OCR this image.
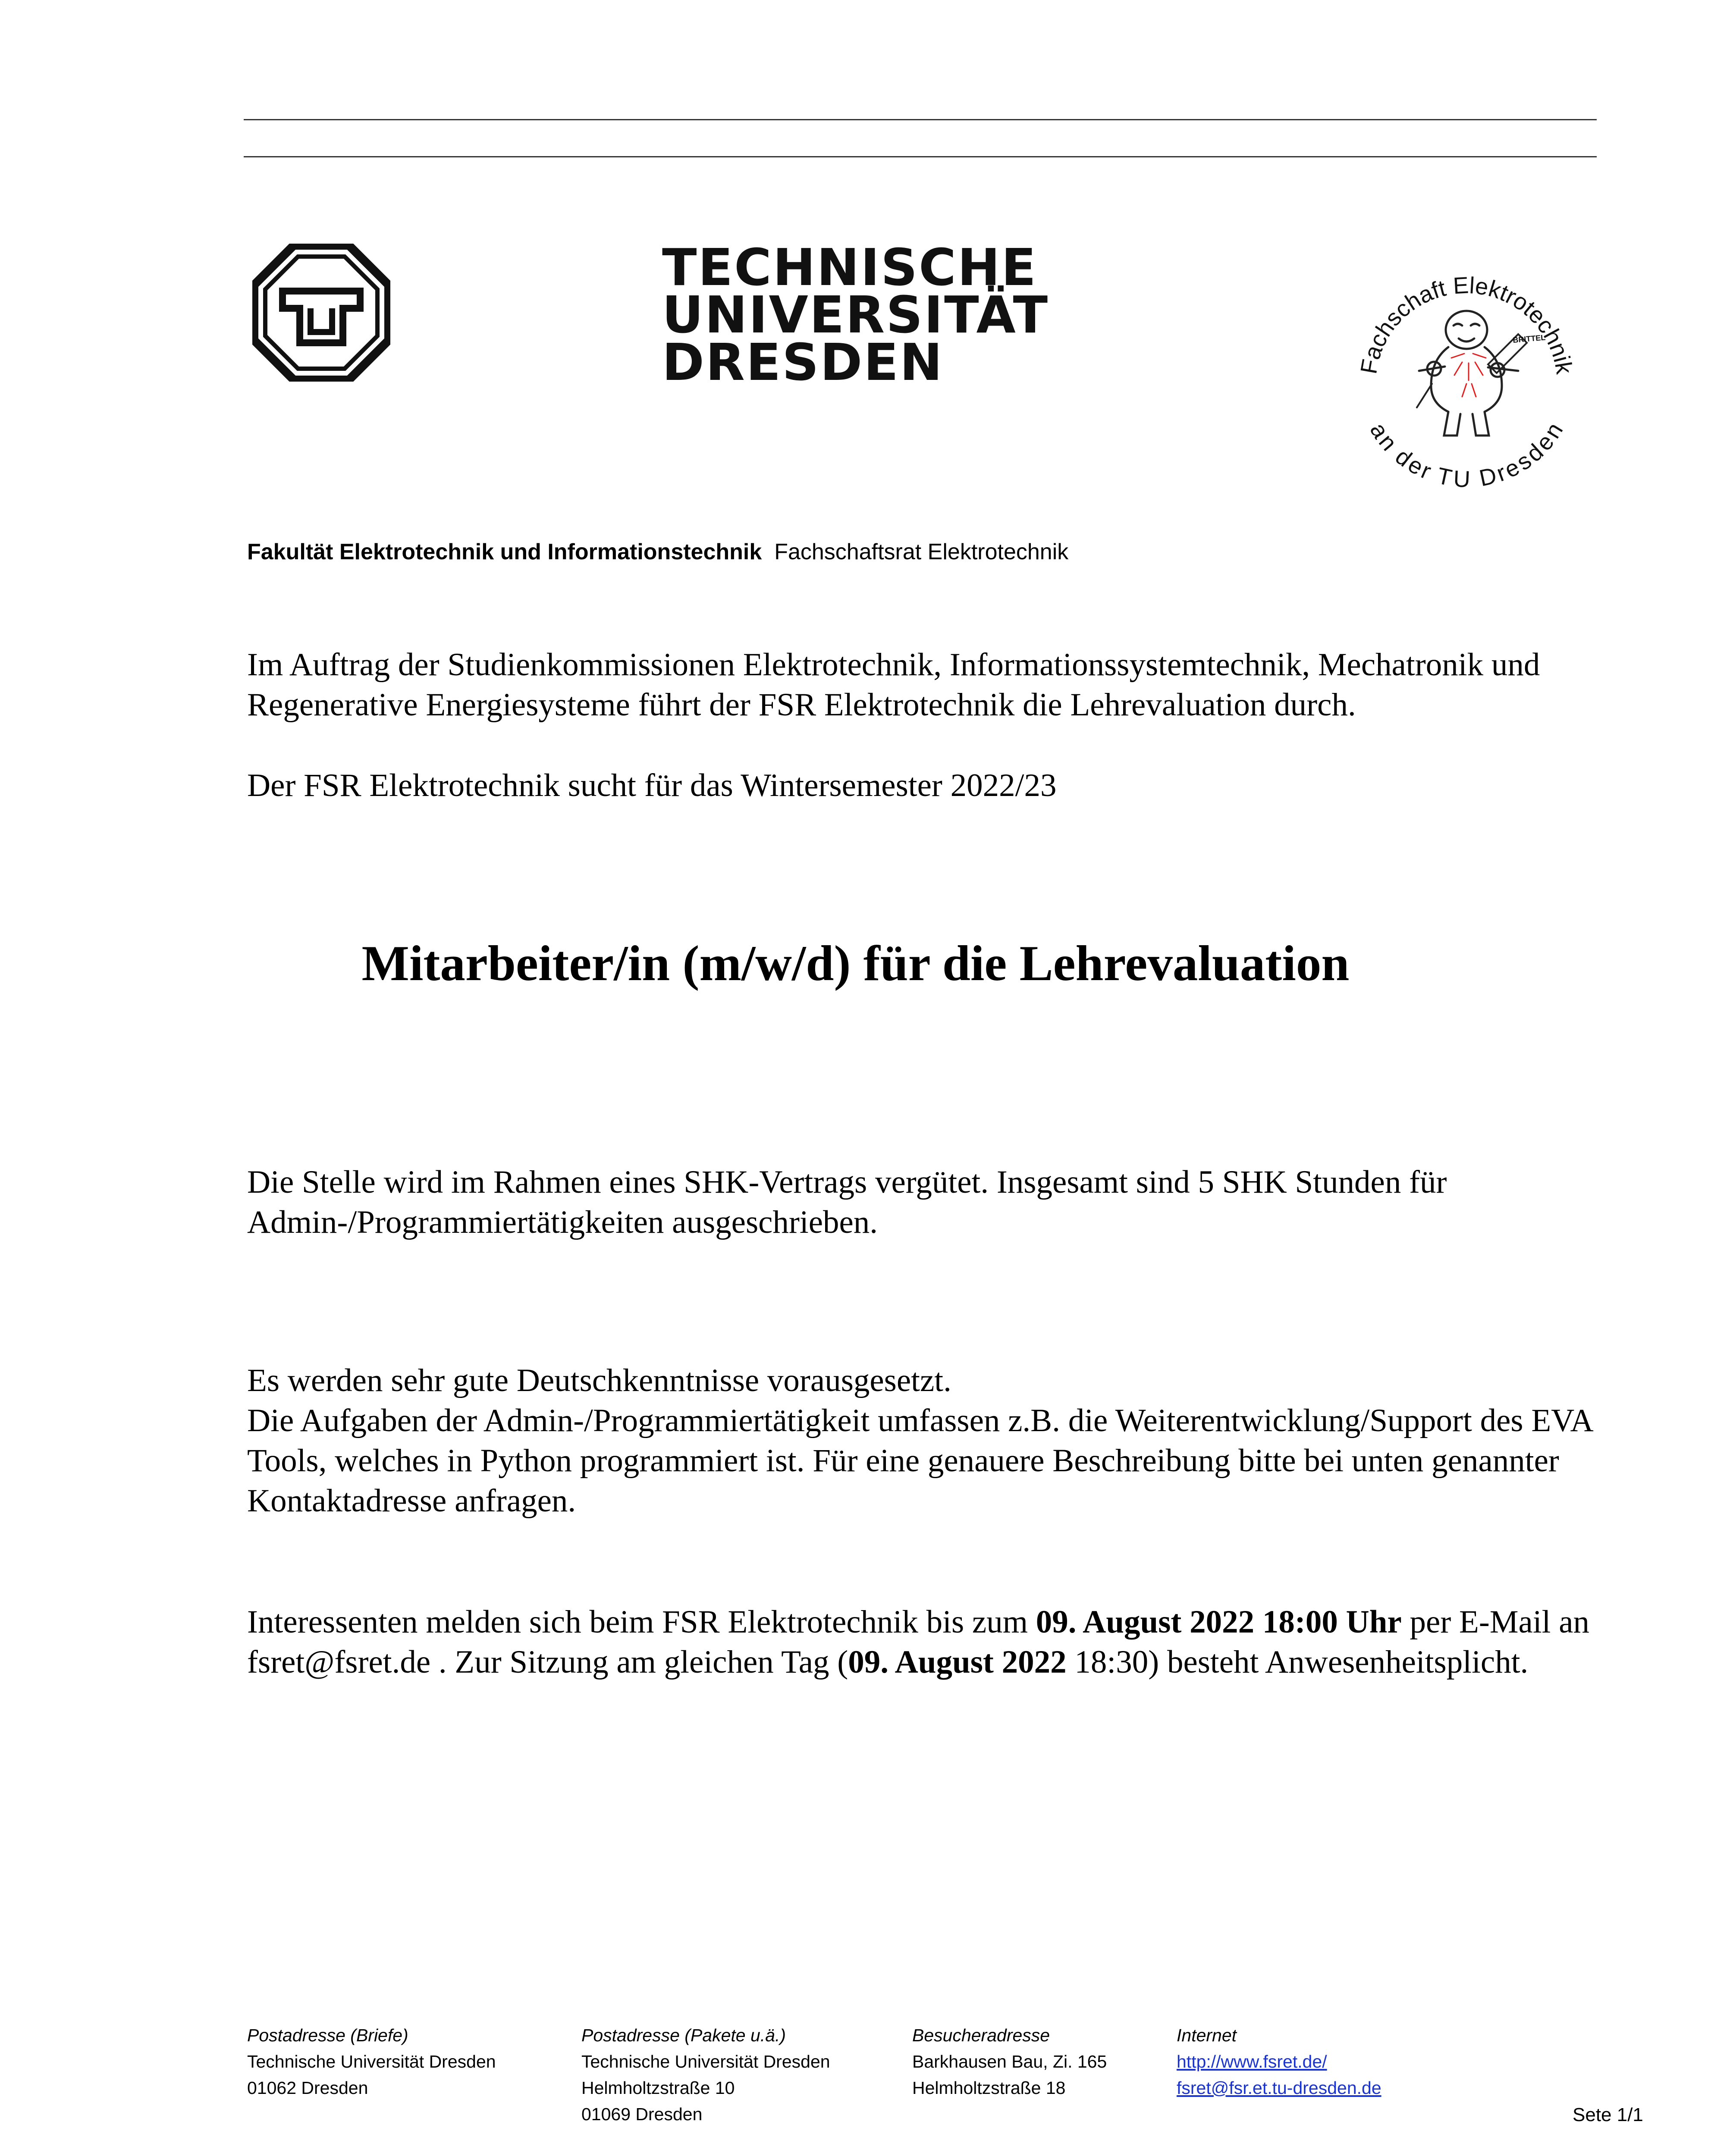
TECHNISCHE
UNIVERSITÄT
DRESDEN	Fachschaft Elektrotechnik
an der TU Dresden
BRITTEL
Fakultät Elektrotechnik und Informationstechnik Fachschaftsrat Elektrotechnik

Im Auftrag der Studienkommissionen Elektrotechnik, Informationssystemtechnik, Mechatronik und Regenerative Energiesysteme führt der FSR Elektrotechnik die Lehrevaluation durch.

Der FSR Elektrotechnik sucht für das Wintersemester 2022/23

Mitarbeiter/in (m/w/d) für die Lehrevaluation

Die Stelle wird im Rahmen eines SHK-Vertrags vergütet. Insgesamt sind 5 SHK Stunden für Admin-/Programmiertätigkeiten ausgeschrieben.

Es werden sehr gute Deutschkenntnisse vorausgesetzt.

Die Aufgaben der Admin-/Programmiertätigkeit umfassen z.B. die Weiterentwicklung/Support des EVA Tools, welches in Python programmiert ist. Für eine genauere Beschreibung bitte bei unten genannter Kontaktadresse anfragen.

Interessenten melden sich beim FSR Elektrotechnik bis zum 09. August 2022 18:00 Uhr per E-Mail an fsret@fsret.de . Zur Sitzung am gleichen Tag (09. August 2022 18:30) besteht Anwesenheitsplicht.

Postadresse (Briefe)
Technische Universität Dresden
01062 Dresden
Postadresse (Pakete u.ä.)
Technische Universität Dresden
Helmholtzstraße 10
01069 Dresden
Besucheradresse
Barkhausen Bau, Zi. 165
Helmholtzstraße 18
Internet
http://www.fsret.de/
fsret@fsr.et.tu-dresden.de
Sete 1/1
